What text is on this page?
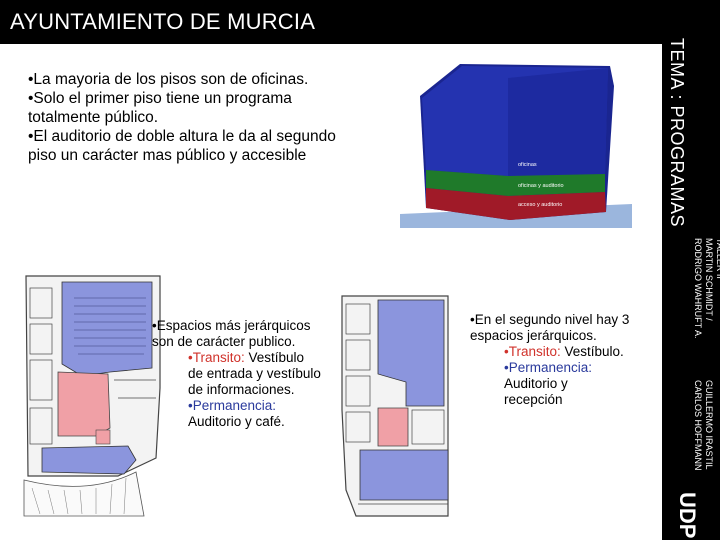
AYUNTAMIENTO DE MURCIA
TEMA : PROGRAMAS
TALLER II
MARTIN SCHMIDT /
RODRIGO WAHRUFT A.
GUILLERMO IRASTIL
CARLOS HOFFMANN
UDP
•La mayoria de los pisos son de oficinas.
•Solo el primer piso tiene un programa totalmente público.
•El auditorio de doble altura le da al segundo piso un carácter mas público y accesible
oficinas
oficinas y auditorio
acceso y auditorio
•Espacios más jerárquicos son de carácter publico.
•Transito: Vestíbulo de entrada y vestíbulo de informaciones.
•Permanencia: Auditorio y café.
•En el segundo nivel hay 3 espacios jerárquicos.
•Transito: Vestíbulo.
•Permanencia: Auditorio y recepción
